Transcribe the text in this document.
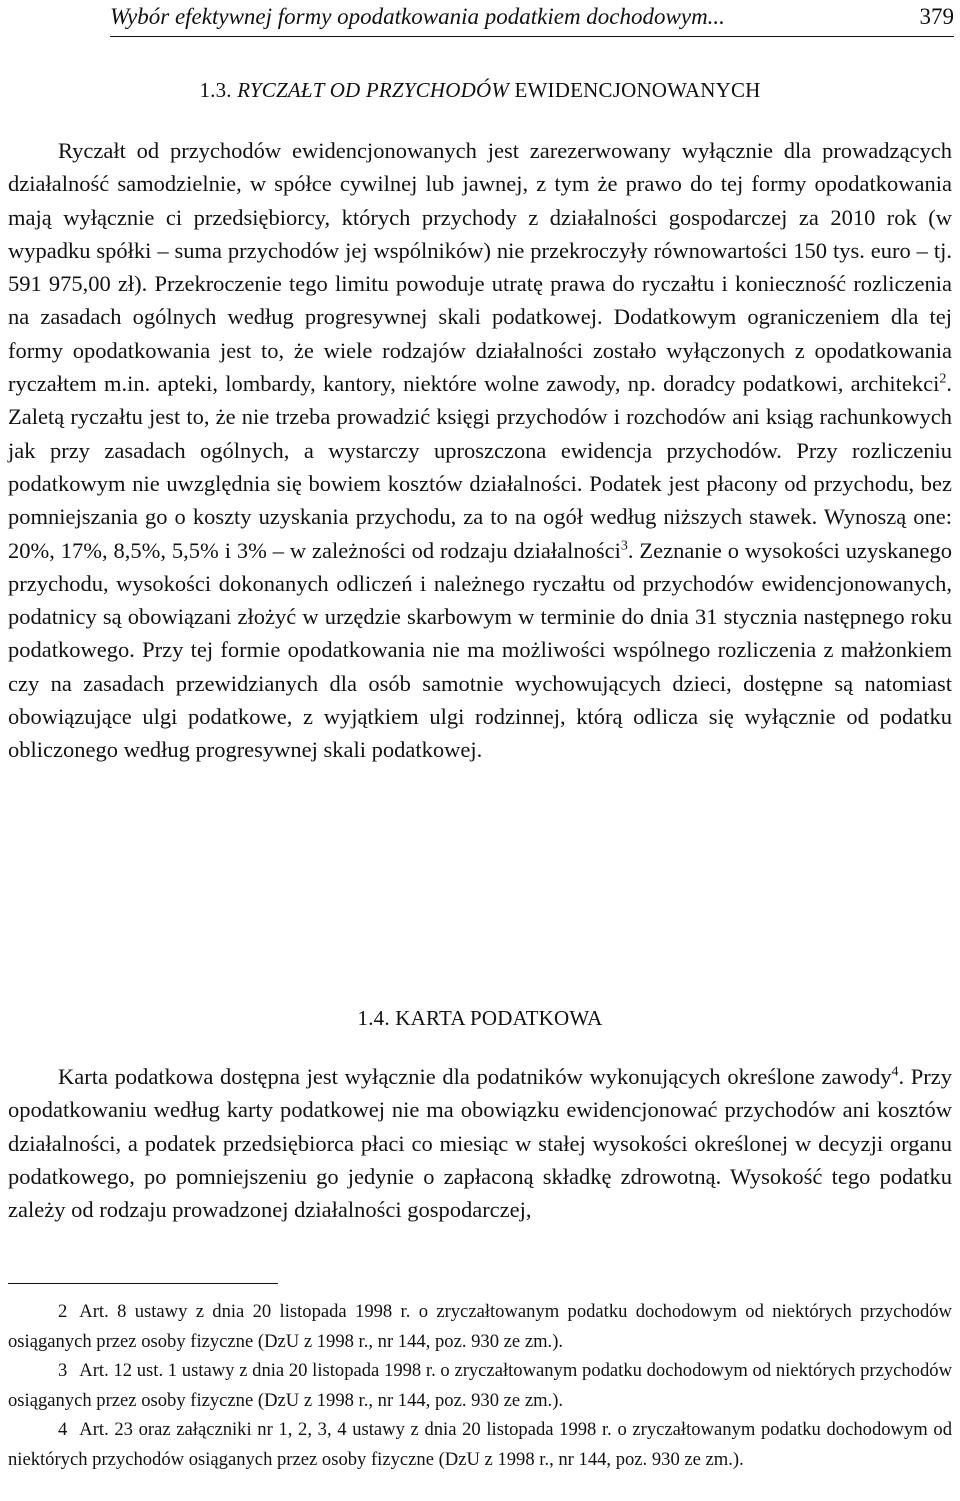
Wybór efektywnej formy opodatkowania podatkiem dochodowym...	379
1.3. RYCZAŁT OD PRZYCHODÓW EWIDENCJONOWANYCH

Ryczałt od przychodów ewidencjonowanych jest zarezerwowany wyłącznie dla prowadzących działalność samodzielnie, w spółce cywilnej lub jawnej, z tym że prawo do tej formy opodatkowania mają wyłącznie ci przedsiębiorcy, których przychody z działalności gospodarczej za 2010 rok (w wypadku spółki – suma przychodów jej wspólników) nie przekroczyły równowartości 150 tys. euro – tj. 591 975,00 zł). Przekroczenie tego limitu powoduje utratę prawa do ryczałtu i konieczność rozliczenia na zasadach ogólnych według progresywnej skali podatkowej. Dodatkowym ograniczeniem dla tej formy opodatkowania jest to, że wiele rodzajów działalności zostało wyłączonych z opodatkowania ryczałtem m.in. apteki, lombardy, kantory, niektóre wolne zawody, np. doradcy podatkowi, architekci$^2$. Zaletą ryczałtu jest to, że nie trzeba prowadzić księgi przychodów i rozchodów ani ksiąg rachunkowych jak przy zasadach ogólnych, a wystarczy uproszczona ewidencja przychodów. Przy rozliczeniu podatkowym nie uwzględnia się bowiem kosztów działalności. Podatek jest płacony od przychodu, bez pomniejszania go o koszty uzyskania przychodu, za to na ogół według niższych stawek. Wynoszą one: 20%, 17%, 8,5%, 5,5% i 3% – w zależności od rodzaju działalności$^3$. Zeznanie o wysokości uzyskanego przychodu, wysokości dokonanych odliczeń i należnego ryczałtu od przychodów ewidencjonowanych, podatnicy są obowiązani złożyć w urzędzie skarbowym w terminie do dnia 31 stycznia następnego roku podatkowego. Przy tej formie opodatkowania nie ma możliwości wspólnego rozliczenia z małżonkiem czy na zasadach przewidzianych dla osób samotnie wychowujących dzieci, dostępne są natomiast obowiązujące ulgi podatkowe, z wyjątkiem ulgi rodzinnej, którą odlicza się wyłącznie od podatku obliczonego według progresywnej skali podatkowej.

1.4. KARTA PODATKOWA

Karta podatkowa dostępna jest wyłącznie dla podatników wykonujących określone zawody$^4$. Przy opodatkowaniu według karty podatkowej nie ma obowiązku ewidencjonować przychodów ani kosztów działalności, a podatek przedsiębiorca płaci co miesiąc w stałej wysokości określonej w decyzji organu podatkowego, po pomniejszeniu go jedynie o zapłaconą składkę zdrowotną. Wysokość tego podatku zależy od rodzaju prowadzonej działalności gospodarczej,

2 Art. 8 ustawy z dnia 20 listopada 1998 r. o zryczałtowanym podatku dochodowym od niektórych przychodów osiąganych przez osoby fizyczne (DzU z 1998 r., nr 144, poz. 930 ze zm.).

3 Art. 12 ust. 1 ustawy z dnia 20 listopada 1998 r. o zryczałtowanym podatku dochodowym od niektórych przychodów osiąganych przez osoby fizyczne (DzU z 1998 r., nr 144, poz. 930 ze zm.).

4 Art. 23 oraz załączniki nr 1, 2, 3, 4 ustawy z dnia 20 listopada 1998 r. o zryczałtowanym podatku dochodowym od niektórych przychodów osiąganych przez osoby fizyczne (DzU z 1998 r., nr 144, poz. 930 ze zm.).
